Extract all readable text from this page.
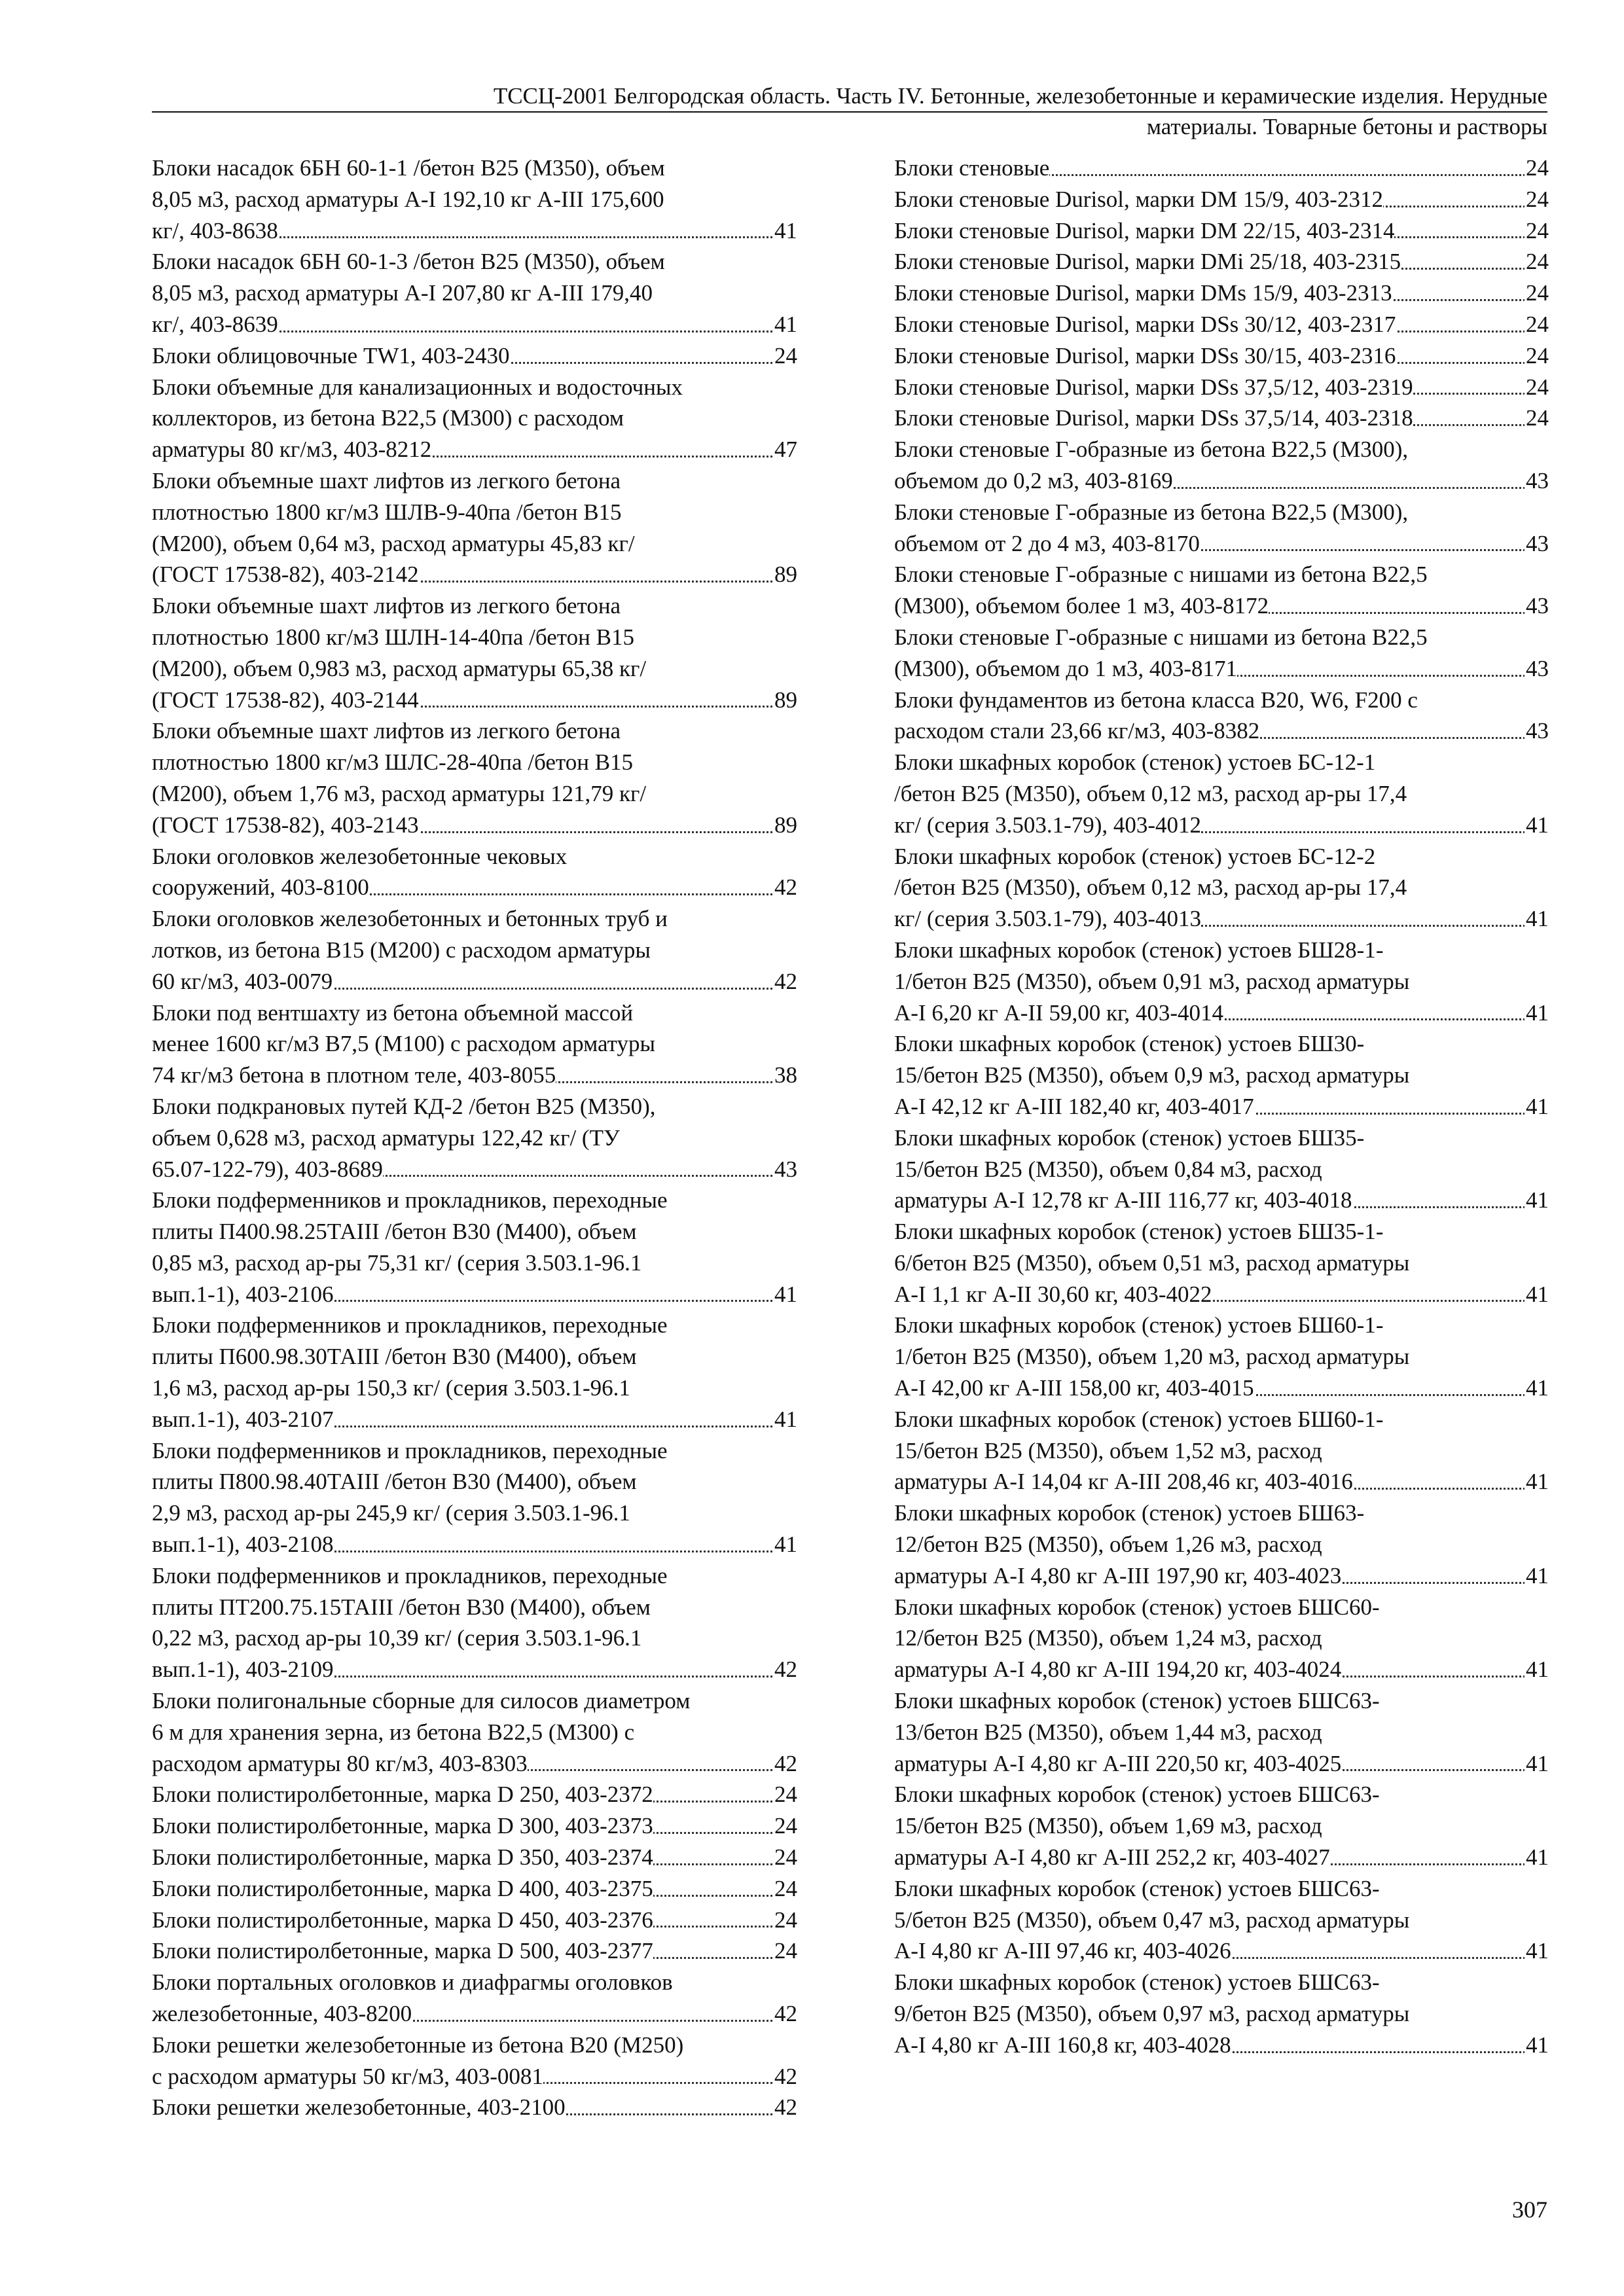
ТССЦ-2001 Белгородская область. Часть IV. Бетонные, железобетонные и керамические изделия. Нерудные
материалы. Товарные бетоны и растворы
Блоки насадок 6БН 60-1-1 /бетон В25 (М350), объем
8,05 м3, расход арматуры А-I 192,10 кг А-III 175,600
41
кг/, 403-8638
Блоки насадок 6БН 60-1-3 /бетон В25 (М350), объем
8,05 м3, расход арматуры А-I 207,80 кг А-III 179,40
41
кг/, 403-8639
24
Блоки облицовочные TW1, 403-2430
Блоки объемные для канализационных и водосточных
коллекторов, из бетона В22,5 (М300) с расходом
47
арматуры 80 кг/м3, 403-8212
Блоки объемные шахт лифтов из легкого бетона
плотностью 1800 кг/м3 ШЛВ-9-40па /бетон В15
(М200), объем 0,64 м3, расход арматуры 45,83 кг/
89
(ГОСТ 17538-82), 403-2142
Блоки объемные шахт лифтов из легкого бетона
плотностью 1800 кг/м3 ШЛН-14-40па /бетон В15
(М200), объем 0,983 м3, расход арматуры 65,38 кг/
89
(ГОСТ 17538-82), 403-2144
Блоки объемные шахт лифтов из легкого бетона
плотностью 1800 кг/м3 ШЛС-28-40па /бетон В15
(М200), объем 1,76 м3, расход арматуры 121,79 кг/
89
(ГОСТ 17538-82), 403-2143
Блоки оголовков железобетонные чековых
42
сооружений, 403-8100
Блоки оголовков железобетонных и бетонных труб и
лотков, из бетона В15 (М200) с расходом арматуры
42
60 кг/м3, 403-0079
Блоки под вентшахту из бетона объемной массой
менее 1600 кг/м3 В7,5 (М100) с расходом арматуры
38
74 кг/м3 бетона в плотном теле, 403-8055
Блоки подкрановых путей КД-2 /бетон В25 (М350),
объем 0,628 м3, расход арматуры 122,42 кг/ (ТУ
43
65.07-122-79), 403-8689
Блоки подферменников и прокладников, переходные
плиты П400.98.25ТАIII /бетон В30 (М400), объем
0,85 м3, расход ар-ры 75,31 кг/ (серия 3.503.1-96.1
41
вып.1-1), 403-2106
Блоки подферменников и прокладников, переходные
плиты П600.98.30ТАIII /бетон В30 (М400), объем
1,6 м3, расход ар-ры 150,3 кг/ (серия 3.503.1-96.1
41
вып.1-1), 403-2107
Блоки подферменников и прокладников, переходные
плиты П800.98.40ТАIII /бетон В30 (М400), объем
2,9 м3, расход ар-ры 245,9 кг/ (серия 3.503.1-96.1
41
вып.1-1), 403-2108
Блоки подферменников и прокладников, переходные
плиты ПТ200.75.15ТАIII /бетон В30 (М400), объем
0,22 м3, расход ар-ры 10,39 кг/ (серия 3.503.1-96.1
42
вып.1-1), 403-2109
Блоки полигональные сборные для силосов диаметром
6 м для хранения зерна, из бетона В22,5 (М300) с
42
расходом арматуры 80 кг/м3, 403-8303
24
Блоки полистиролбетонные, марка D 250, 403-2372
24
Блоки полистиролбетонные, марка D 300, 403-2373
24
Блоки полистиролбетонные, марка D 350, 403-2374
24
Блоки полистиролбетонные, марка D 400, 403-2375
24
Блоки полистиролбетонные, марка D 450, 403-2376
24
Блоки полистиролбетонные, марка D 500, 403-2377
Блоки портальных оголовков и диафрагмы оголовков
42
железобетонные, 403-8200
Блоки решетки железобетонные из бетона В20 (М250)
42
с расходом арматуры 50 кг/м3, 403-0081
42
Блоки решетки железобетонные, 403-2100
24
Блоки стеновые
24
Блоки стеновые Durisol, марки DM 15/9, 403-2312
24
Блоки стеновые Durisol, марки DM 22/15, 403-2314
24
Блоки стеновые Durisol, марки DMi 25/18, 403-2315
24
Блоки стеновые Durisol, марки DMs 15/9, 403-2313
24
Блоки стеновые Durisol, марки DSs 30/12, 403-2317
24
Блоки стеновые Durisol, марки DSs 30/15, 403-2316
24
Блоки стеновые Durisol, марки DSs 37,5/12, 403-2319
24
Блоки стеновые Durisol, марки DSs 37,5/14, 403-2318
Блоки стеновые Г-образные из бетона В22,5 (М300),
43
объемом до 0,2 м3, 403-8169
Блоки стеновые Г-образные из бетона В22,5 (М300),
43
объемом от 2 до 4 м3, 403-8170
Блоки стеновые Г-образные с нишами из бетона В22,5
43
(М300), объемом более 1 м3, 403-8172
Блоки стеновые Г-образные с нишами из бетона В22,5
43
(М300), объемом до 1 м3, 403-8171
Блоки фундаментов из бетона класса В20, W6, F200 с
43
расходом стали 23,66 кг/м3, 403-8382
Блоки шкафных коробок (стенок) устоев БС-12-1
/бетон В25 (М350), объем 0,12 м3, расход ар-ры 17,4
41
кг/ (серия 3.503.1-79), 403-4012
Блоки шкафных коробок (стенок) устоев БС-12-2
/бетон В25 (М350), объем 0,12 м3, расход ар-ры 17,4
41
кг/ (серия 3.503.1-79), 403-4013
Блоки шкафных коробок (стенок) устоев БШ28-1-
1/бетон В25 (М350), объем 0,91 м3, расход арматуры
41
А-I 6,20 кг А-II 59,00 кг, 403-4014
Блоки шкафных коробок (стенок) устоев БШ30-
15/бетон В25 (М350), объем 0,9 м3, расход арматуры
41
А-I 42,12 кг А-III 182,40 кг, 403-4017
Блоки шкафных коробок (стенок) устоев БШ35-
15/бетон В25 (М350), объем 0,84 м3, расход
41
арматуры А-I 12,78 кг А-III 116,77 кг, 403-4018
Блоки шкафных коробок (стенок) устоев БШ35-1-
6/бетон В25 (М350), объем 0,51 м3, расход арматуры
41
А-I 1,1 кг А-II 30,60 кг, 403-4022
Блоки шкафных коробок (стенок) устоев БШ60-1-
1/бетон В25 (М350), объем 1,20 м3, расход арматуры
41
А-I 42,00 кг А-III 158,00 кг, 403-4015
Блоки шкафных коробок (стенок) устоев БШ60-1-
15/бетон В25 (М350), объем 1,52 м3, расход
41
арматуры А-I 14,04 кг А-III 208,46 кг, 403-4016
Блоки шкафных коробок (стенок) устоев БШ63-
12/бетон В25 (М350), объем 1,26 м3, расход
41
арматуры А-I 4,80 кг А-III 197,90 кг, 403-4023
Блоки шкафных коробок (стенок) устоев БШС60-
12/бетон В25 (М350), объем 1,24 м3, расход
41
арматуры А-I 4,80 кг А-III 194,20 кг, 403-4024
Блоки шкафных коробок (стенок) устоев БШС63-
13/бетон В25 (М350), объем 1,44 м3, расход
41
арматуры А-I 4,80 кг А-III 220,50 кг, 403-4025
Блоки шкафных коробок (стенок) устоев БШС63-
15/бетон В25 (М350), объем 1,69 м3, расход
41
арматуры А-I 4,80 кг А-III 252,2 кг, 403-4027
Блоки шкафных коробок (стенок) устоев БШС63-
5/бетон В25 (М350), объем 0,47 м3, расход арматуры
41
А-I 4,80 кг А-III 97,46 кг, 403-4026
Блоки шкафных коробок (стенок) устоев БШС63-
9/бетон В25 (М350), объем 0,97 м3, расход арматуры
41
А-I 4,80 кг А-III 160,8 кг, 403-4028
307
